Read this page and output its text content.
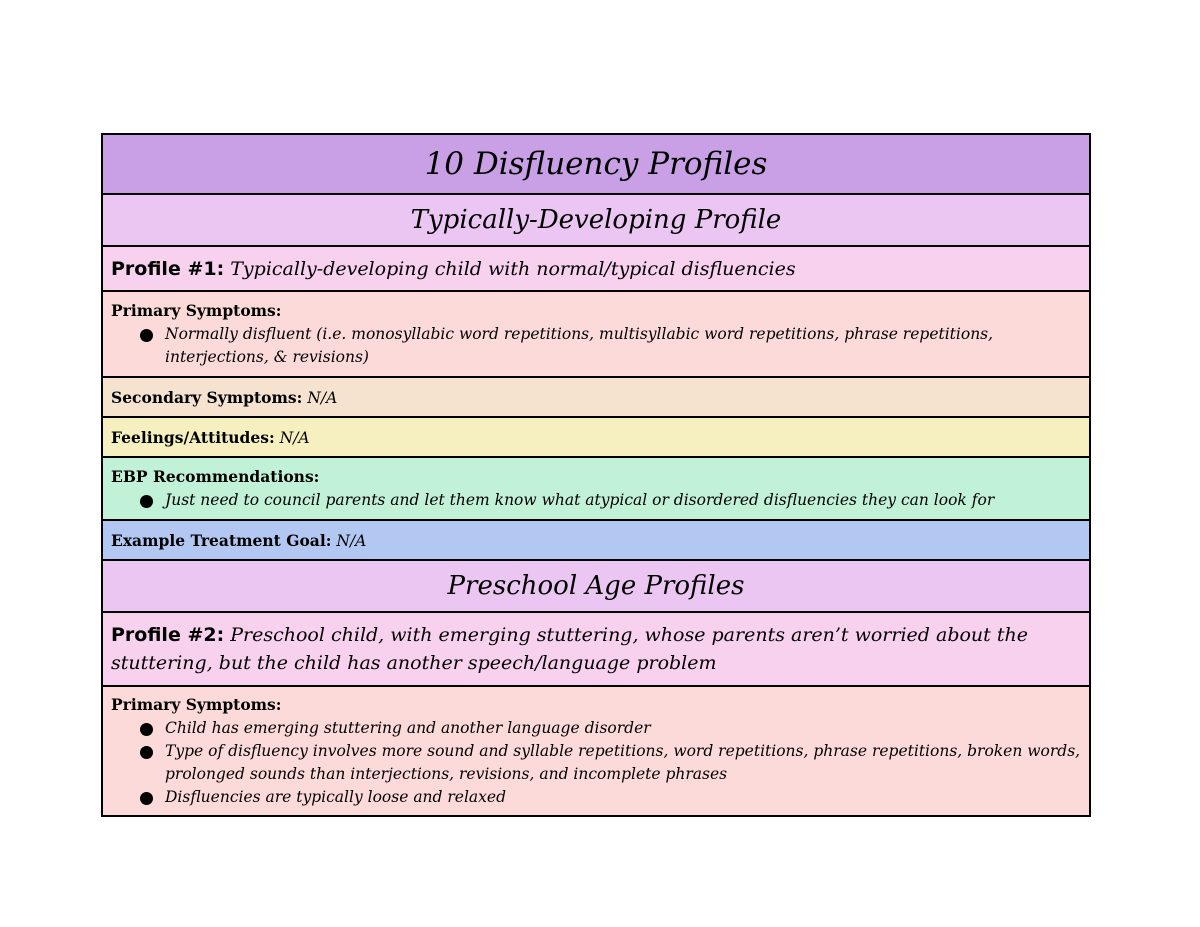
10 Disfluency Profiles
Typically-Developing Profile
Profile #1: Typically-developing child with normal/typical disfluencies
Primary Symptoms:
Normally disfluent (i.e. monosyllabic word repetitions, multisyllabic word repetitions, phrase repetitions, interjections, & revisions)
Secondary Symptoms: N/A
Feelings/Attitudes: N/A
EBP Recommendations:
Just need to council parents and let them know what atypical or disordered disfluencies they can look for
Example Treatment Goal: N/A
Preschool Age Profiles
Profile #2: Preschool child, with emerging stuttering, whose parents aren’t worried about the stuttering, but the child has another speech/language problem
Primary Symptoms:
Child has emerging stuttering and another language disorder
Type of disfluency involves more sound and syllable repetitions, word repetitions, phrase repetitions, broken words, prolonged sounds than interjections, revisions, and incomplete phrases
Disfluencies are typically loose and relaxed
